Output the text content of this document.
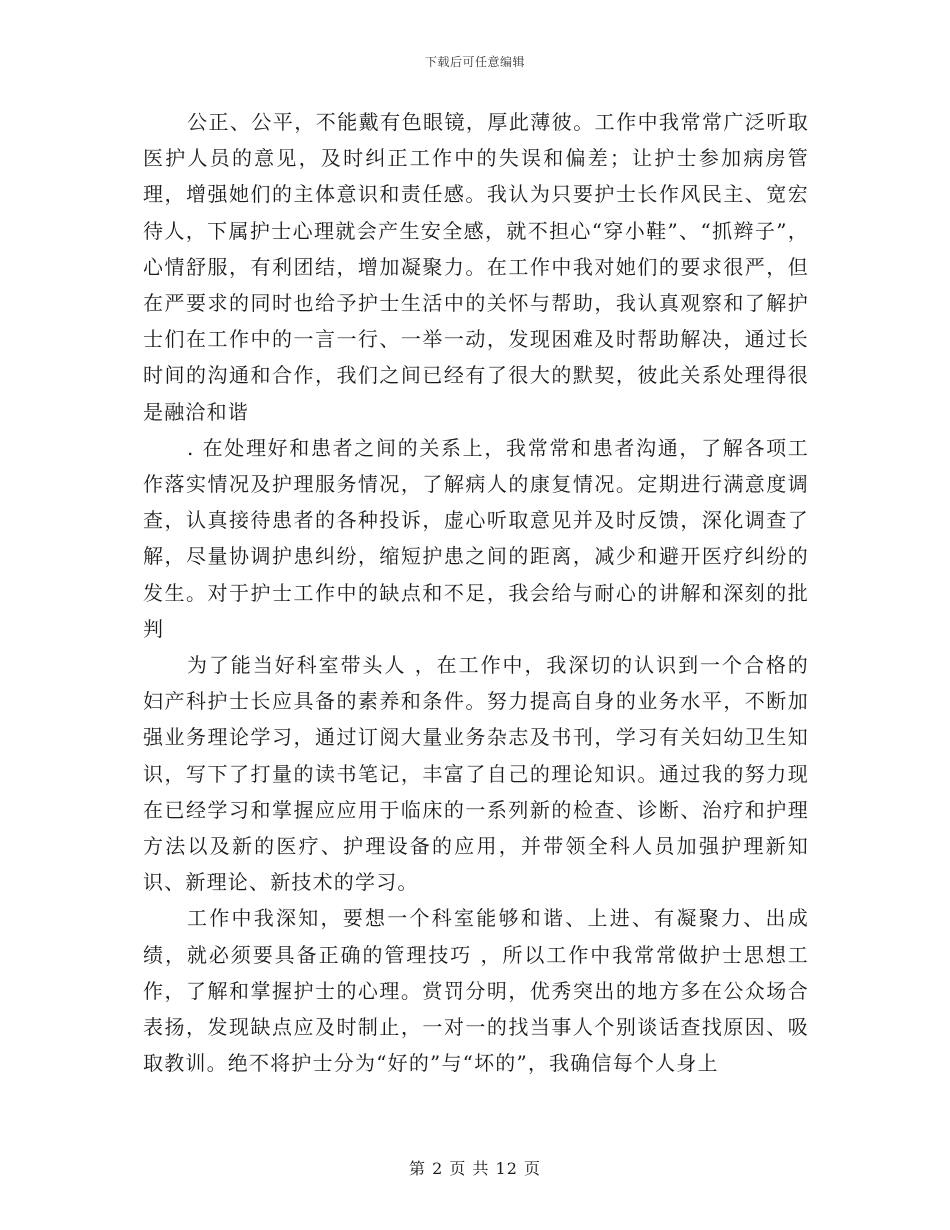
下载后可任意编辑

公正、公平，不能戴有色眼镜，厚此薄彼。工作中我常常广泛听取医护人员的意见，及时纠正工作中的失误和偏差；让护士参加病房管理，增强她们的主体意识和责任感。我认为只要护士长作风民主、宽宏待人，下属护士心理就会产生安全感，就不担心“穿小鞋”、“抓辫子”，心情舒服，有利团结，增加凝聚力。在工作中我对她们的要求很严，但在严要求的同时也给予护士生活中的关怀与帮助，我认真观察和了解护士们在工作中的一言一行、一举一动，发现困难及时帮助解决，通过长时间的沟通和合作，我们之间已经有了很大的默契，彼此关系处理得很是融洽和谐

. 在处理好和患者之间的关系上，我常常和患者沟通，了解各项工作落实情况及护理服务情况，了解病人的康复情况。定期进行满意度调查，认真接待患者的各种投诉，虚心听取意见并及时反馈，深化调查了解，尽量协调护患纠纷，缩短护患之间的距离，减少和避开医疗纠纷的发生。对于护士工作中的缺点和不足，我会给与耐心的讲解和深刻的批判

为了能当好科室带头人 ，在工作中，我深切的认识到一个合格的妇产科护士长应具备的素养和条件。努力提高自身的业务水平，不断加强业务理论学习，通过订阅大量业务杂志及书刊，学习有关妇幼卫生知识，写下了打量的读书笔记，丰富了自己的理论知识。通过我的努力现在已经学习和掌握应应用于临床的一系列新的检查、诊断、治疗和护理方法以及新的医疗、护理设备的应用，并带领全科人员加强护理新知识、新理论、新技术的学习。

工作中我深知，要想一个科室能够和谐、上进、有凝聚力、出成绩，就必须要具备正确的管理技巧 ，所以工作中我常常做护士思想工作，了解和掌握护士的心理。赏罚分明，优秀突出的地方多在公众场合表扬，发现缺点应及时制止，一对一的找当事人个别谈话查找原因、吸取教训。绝不将护士分为“好的”与“坏的”，我确信每个人身上

第 2 页 共 12 页
